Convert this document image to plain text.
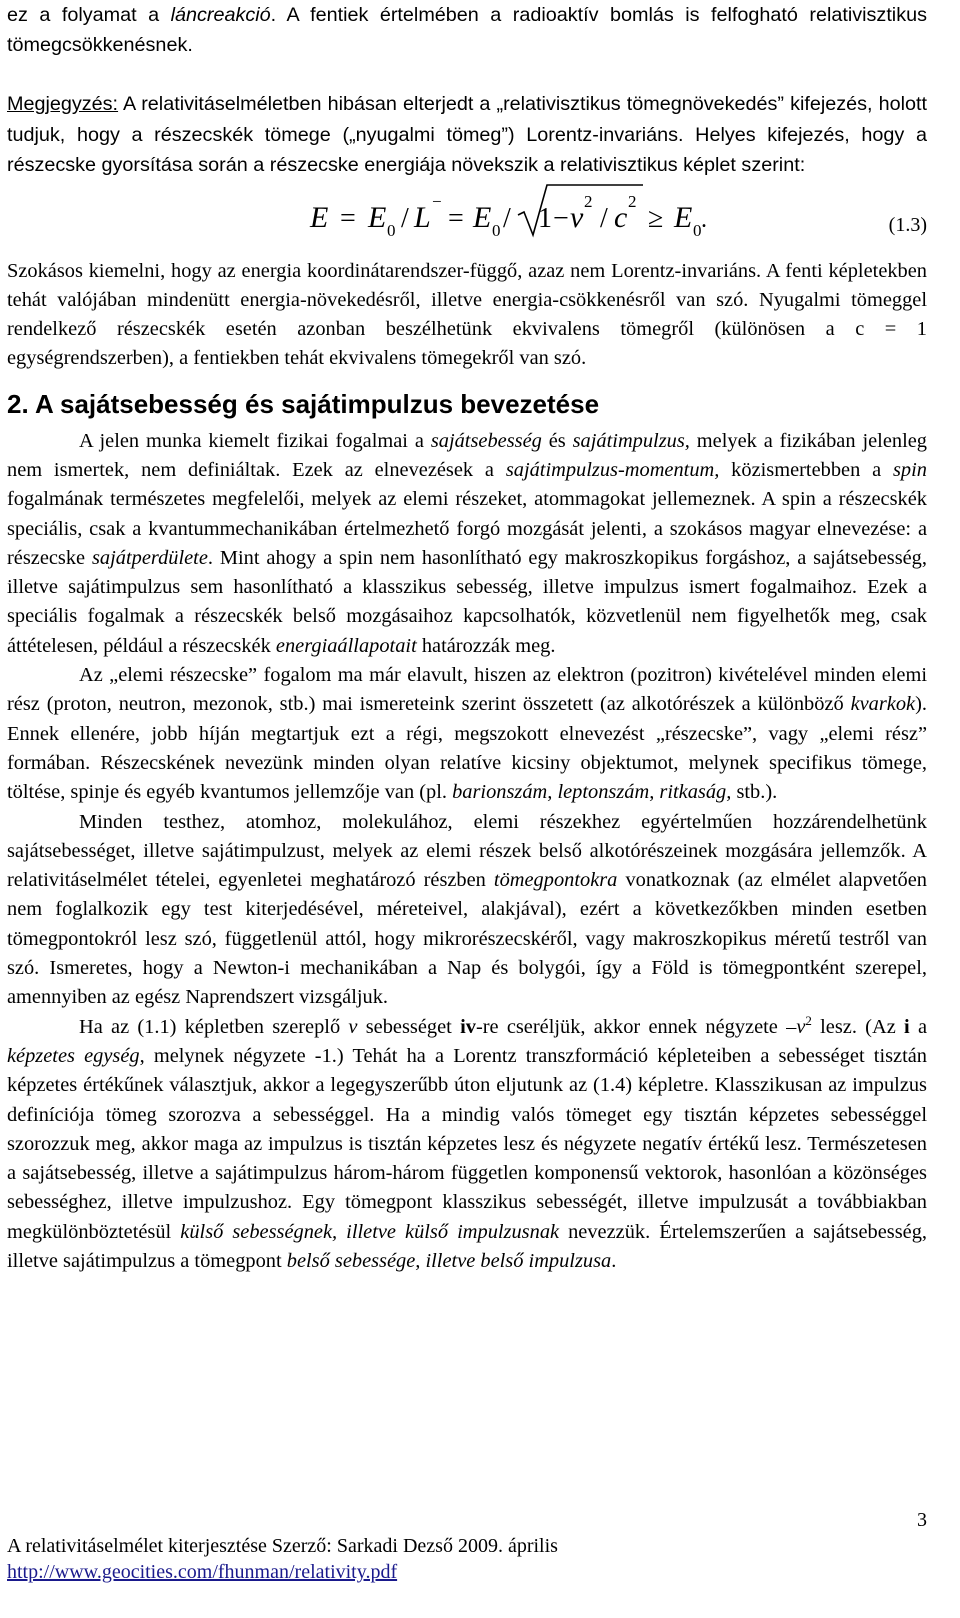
ez a folyamat a láncreakció. A fentiek értelmében a radioaktív bomlás is felfogható relativisztikus tömegcsökkenésnek.

Megjegyzés: A relativitáselméletben hibásan elterjedt a „relativisztikus tömegnövekedés” kifejezés, holott tudjuk, hogy a részecskék tömege („nyugalmi tömeg”) Lorentz-invariáns. Helyes kifejezés, hogy a részecske gyorsítása során a részecske energiája növekszik a relativisztikus képlet szerint:

E = E 0 / L −
= E 0 / 1 − v 2
/ c 2
≥ E 0 .	(1.3)

Szokásos kiemelni, hogy az energia koordinátarendszer-függő, azaz nem Lorentz-invariáns. A fenti képletekben tehát valójában mindenütt energia-növekedésről, illetve energia-csökkenésről van szó. Nyugalmi tömeggel rendelkező részecskék esetén azonban beszélhetünk ekvivalens tömegről (különösen a c = 1 egységrendszerben), a fentiekben tehát ekvivalens tömegekről van szó.

2. A sajátsebesség és sajátimpulzus bevezetése

A jelen munka kiemelt fizikai fogalmai a sajátsebesség és sajátimpulzus, melyek a fizikában jelenleg nem ismertek, nem definiáltak. Ezek az elnevezések a sajátimpulzus-momentum, közismertebben a spin fogalmának természetes megfelelői, melyek az elemi részeket, atommagokat jellemeznek. A spin a részecskék speciális, csak a kvantummechanikában értelmezhető forgó mozgását jelenti, a szokásos magyar elnevezése: a részecske sajátperdülete. Mint ahogy a spin nem hasonlítható egy makroszkopikus forgáshoz, a sajátsebesség, illetve sajátimpulzus sem hasonlítható a klasszikus sebesség, illetve impulzus ismert fogalmaihoz. Ezek a speciális fogalmak a részecskék belső mozgásaihoz kapcsolhatók, közvetlenül nem figyelhetők meg, csak áttételesen, például a részecskék energiaállapotait határozzák meg.

Az „elemi részecske” fogalom ma már elavult, hiszen az elektron (pozitron) kivételével minden elemi rész (proton, neutron, mezonok, stb.) mai ismereteink szerint összetett (az alkotórészek a különböző kvarkok). Ennek ellenére, jobb híján megtartjuk ezt a régi, megszokott elnevezést „részecske”, vagy „elemi rész” formában. Részecskének nevezünk minden olyan relatíve kicsiny objektumot, melynek specifikus tömege, töltése, spinje és egyéb kvantumos jellemzője van (pl. barionszám, leptonszám, ritkaság, stb.).

Minden testhez, atomhoz, molekulához, elemi részekhez egyértelműen hozzárendelhetünk sajátsebességet, illetve sajátimpulzust, melyek az elemi részek belső alkotórészeinek mozgására jellemzők. A relativitáselmélet tételei, egyenletei meghatározó részben tömegpontokra vonatkoznak (az elmélet alapvetően nem foglalkozik egy test kiterjedésével, méreteivel, alakjával), ezért a következőkben minden esetben tömegpontokról lesz szó, függetlenül attól, hogy mikrorészecskéről, vagy makroszkopikus méretű testről van szó. Ismeretes, hogy a Newton-i mechanikában a Nap és bolygói, így a Föld is tömegpontként szerepel, amennyiben az egész Naprendszert vizsgáljuk.

Ha az (1.1) képletben szereplő v sebességet iv-re cseréljük, akkor ennek négyzete $-v^2$ lesz. (Az i a képzetes egység, melynek négyzete -1.) Tehát ha a Lorentz transzformáció képleteiben a sebességet tisztán képzetes értékűnek választjuk, akkor a legegyszerűbb úton eljutunk az (1.4) képletre. Klasszikusan az impulzus definíciója tömeg szorozva a sebességgel. Ha a mindig valós tömeget egy tisztán képzetes sebességgel szorozzuk meg, akkor maga az impulzus is tisztán képzetes lesz és négyzete negatív értékű lesz. Természetesen a sajátsebesség, illetve a sajátimpulzus három-három független komponensű vektorok, hasonlóan a közönséges sebességhez, illetve impulzushoz. Egy tömegpont klasszikus sebességét, illetve impulzusát a továbbiakban megkülönböztetésül külső sebességnek, illetve külső impulzusnak nevezzük. Értelemszerűen a sajátsebesség, illetve sajátimpulzus a tömegpont belső sebessége, illetve belső impulzusa.

3
A relativitáselmélet kiterjesztése Szerző: Sarkadi Dezső 2009. április
http://www.geocities.com/fhunman/relativity.pdf
